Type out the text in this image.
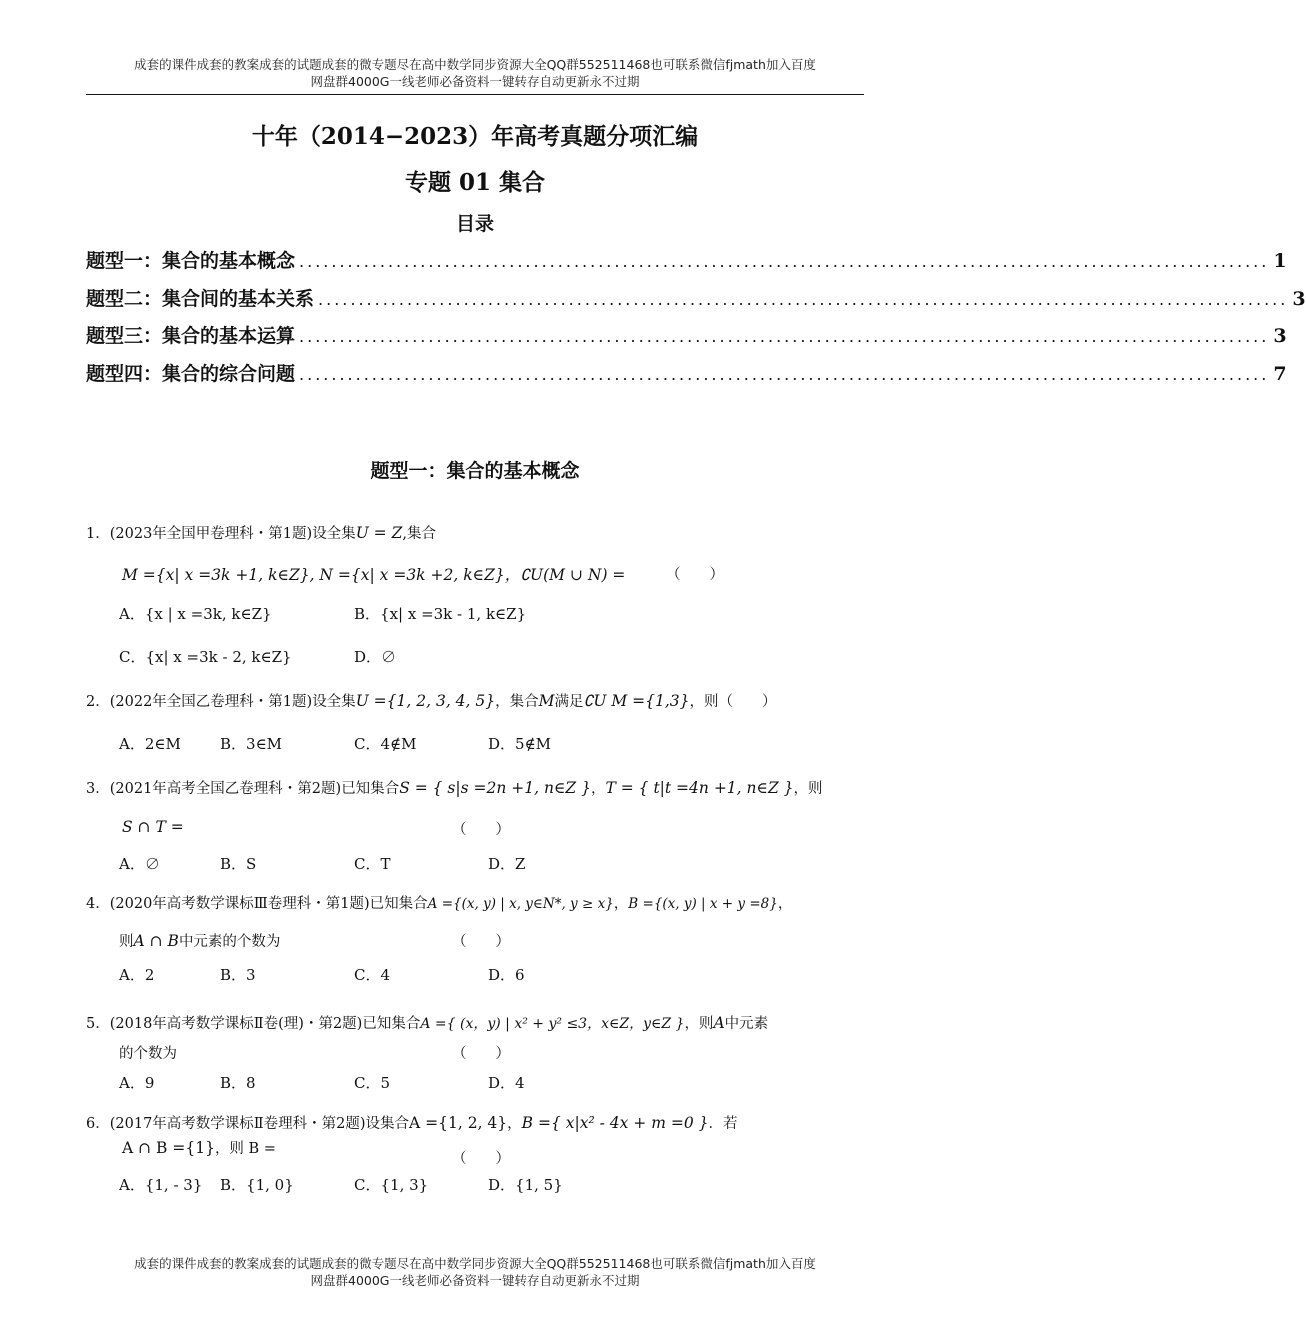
成套的课件成套的教案成套的试题成套的微专题尽在高中数学同步资源大全QQ群552511468也可联系微信fjmath加入百度
网盘群4000G一线老师必备资料一键转存自动更新永不过期
十年（2014−2023）年高考真题分项汇编
专题 01 集合
目录
题型一：集合的基本概念 ........................................................................................................................ 1
题型二：集合间的基本关系 ........................................................................................................................ 3
题型三：集合的基本运算 ........................................................................................................................ 3
题型四：集合的综合问题 ........................................................................................................................ 7
题型一：集合的基本概念
1．(2023年全国甲卷理科・第1题)设全集U = Z,集合
M ={x| x =3k +1, k∈Z}, N ={x| x =3k +2, k∈Z}，∁U(M ∪ N) =	（　　）
A．{x | x =3k, k∈Z}	B．{x| x =3k - 1, k∈Z}
C．{x| x =3k - 2, k∈Z}	D．∅
2．(2022年全国乙卷理科・第1题)设全集U ={1, 2, 3, 4, 5}，集合M满足∁U M ={1,3}，则（　　）
A．2∈M	B．3∈M	C．4∉M	D．5∉M
3．(2021年高考全国乙卷理科・第2题)已知集合S = { s|s =2n +1, n∈Z }，T = { t|t =4n +1, n∈Z }，则
S ∩ T =	（　　）
A．∅	B．S	C．T	D．Z
4．(2020年高考数学课标Ⅲ卷理科・第1题)已知集合A ={(x, y) | x, y∈N*, y ≥ x}，B ={(x, y) | x + y =8}，
则A ∩ B中元素的个数为	（　　）
A．2	B．3	C．4	D．6
5．(2018年高考数学课标Ⅱ卷(理)・第2题)已知集合A ={ (x，y) | x² + y² ≤3，x∈Z，y∈Z }，则A中元素
的个数为	（　　）
A．9	B．8	C．5	D．4
6．(2017年高考数学课标Ⅱ卷理科・第2题)设集合A ={1, 2, 4}，B ={ x|x² - 4x + m =0 }．若
A ∩ B ={1}，则 B =
（　　）
A．{1, - 3} B．{1, 0}	C．{1, 3}	D．{1, 5}
成套的课件成套的教案成套的试题成套的微专题尽在高中数学同步资源大全QQ群552511468也可联系微信fjmath加入百度
网盘群4000G一线老师必备资料一键转存自动更新永不过期
